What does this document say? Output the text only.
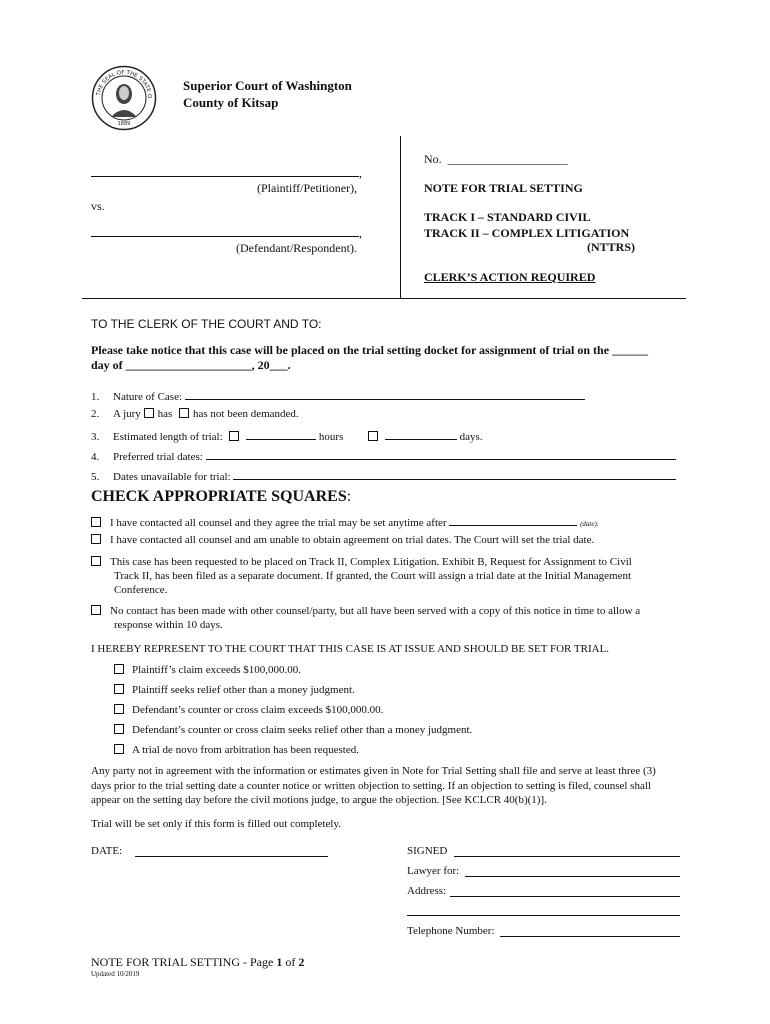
THE SEAL OF THE STATE O
1889
Superior Court of Washington
County of Kitsap
,
(Plaintiff/Petitioner),
vs.
,
(Defendant/Respondent).
No. ____________________
NOTE FOR TRIAL SETTING
TRACK I – STANDARD CIVIL
TRACK II – COMPLEX LITIGATION
(NTTRS)
CLERK’S ACTION REQUIRED
TO THE CLERK OF THE COURT AND TO:
Please take notice that this case will be placed on the trial setting docket for assignment of trial on the ______
day of _____________________, 20___.
1. Nature of Case:
2. A jury has has not been demanded.
3. Estimated length of trial:	hours	days.
4. Preferred trial dates:
5. Dates unavailable for trial:
CHECK APPROPRIATE SQUARES:
I have contacted all counsel and they agree the trial may be set anytime after	(date).
I have contacted all counsel and am unable to obtain agreement on trial dates. The Court will set the trial date.
This case has been requested to be placed on Track II, Complex Litigation. Exhibit B, Request for Assignment to Civil
Track II, has been filed as a separate document. If granted, the Court will assign a trial date at the Initial Management
Conference.
No contact has been made with other counsel/party, but all have been served with a copy of this notice in time to allow a
response within 10 days.
I HEREBY REPRESENT TO THE COURT THAT THIS CASE IS AT ISSUE AND SHOULD BE SET FOR TRIAL.
Plaintiff’s claim exceeds $100,000.00.
Plaintiff seeks relief other than a money judgment.
Defendant’s counter or cross claim exceeds $100,000.00.
Defendant’s counter or cross claim seeks relief other than a money judgment.
A trial de novo from arbitration has been requested.
Any party not in agreement with the information or estimates given in Note for Trial Setting shall file and serve at least three (3)
days prior to the trial setting date a counter notice or written objection to setting. If an objection to setting is filed, counsel shall
appear on the setting day before the civil motions judge, to argue the objection. [See KCLCR 40(b)(1)].
Trial will be set only if this form is filled out completely.
DATE:	SIGNED
Lawyer for:
Address:
Telephone Number:
NOTE FOR TRIAL SETTING - Page 1 of 2
Updated 10/2019
